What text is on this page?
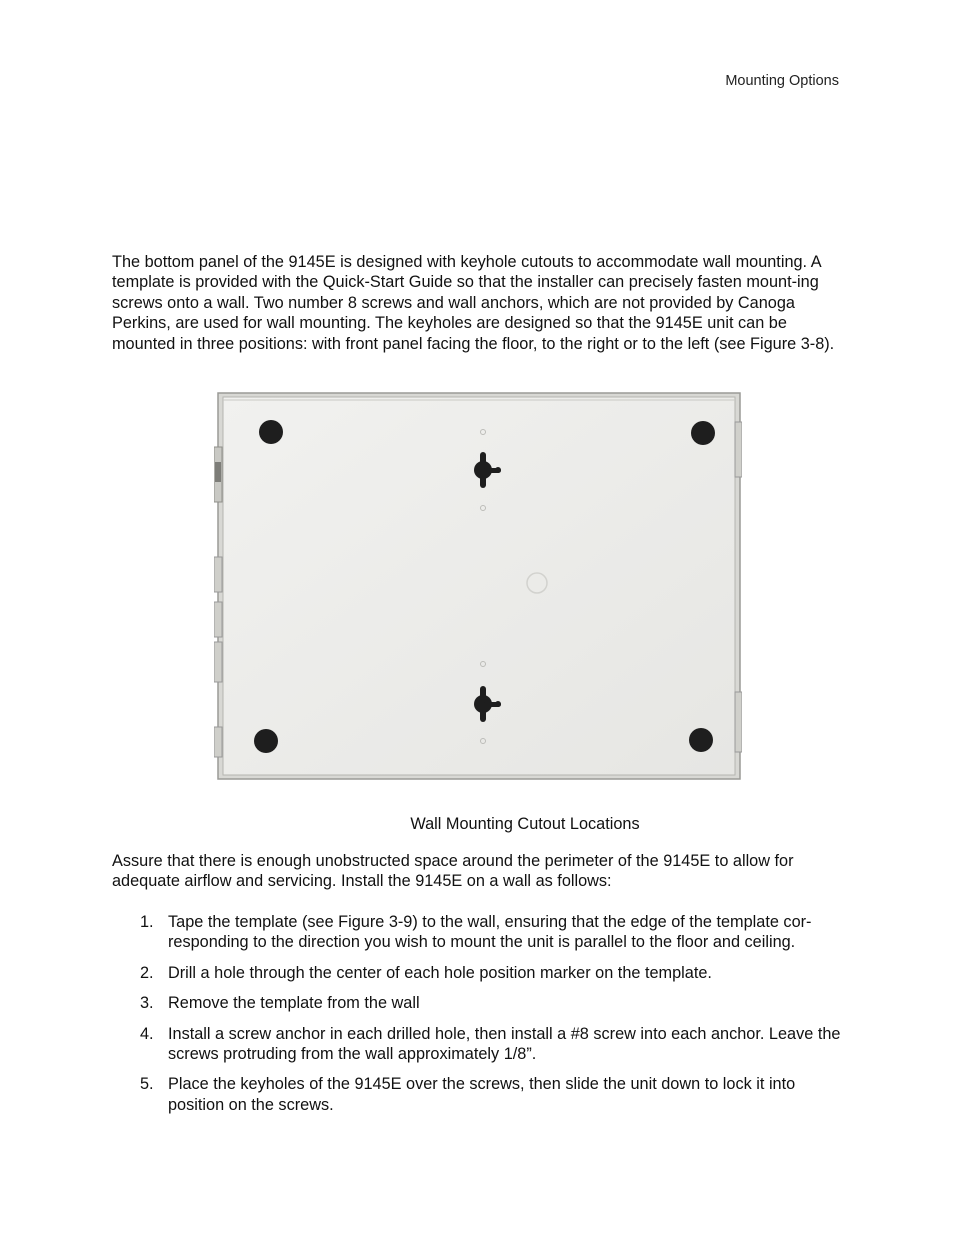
Mounting Options

The bottom panel of the 9145E is designed with keyhole cutouts to accommodate wall mounting. A template is provided with the Quick-Start Guide so that the installer can precisely fasten mount-ing screws onto a wall. Two number 8 screws and wall anchors, which are not provided by Canoga Perkins, are used for wall mounting. The keyholes are designed so that the 9145E unit can be mounted in three positions: with front panel facing the floor, to the right or to the left (see Figure 3-8).

Wall Mounting Cutout Locations

Assure that there is enough unobstructed space around the perimeter of the 9145E to allow for adequate airflow and servicing. Install the 9145E on a wall as follows:

1. Tape the template (see Figure 3-9) to the wall, ensuring that the edge of the template cor-responding to the direction you wish to mount the unit is parallel to the floor and ceiling.
2. Drill a hole through the center of each hole position marker on the template.
3. Remove the template from the wall
4. Install a screw anchor in each drilled hole, then install a #8 screw into each anchor. Leave the screws protruding from the wall approximately 1/8”.
5. Place the keyholes of the 9145E over the screws, then slide the unit down to lock it into position on the screws.
